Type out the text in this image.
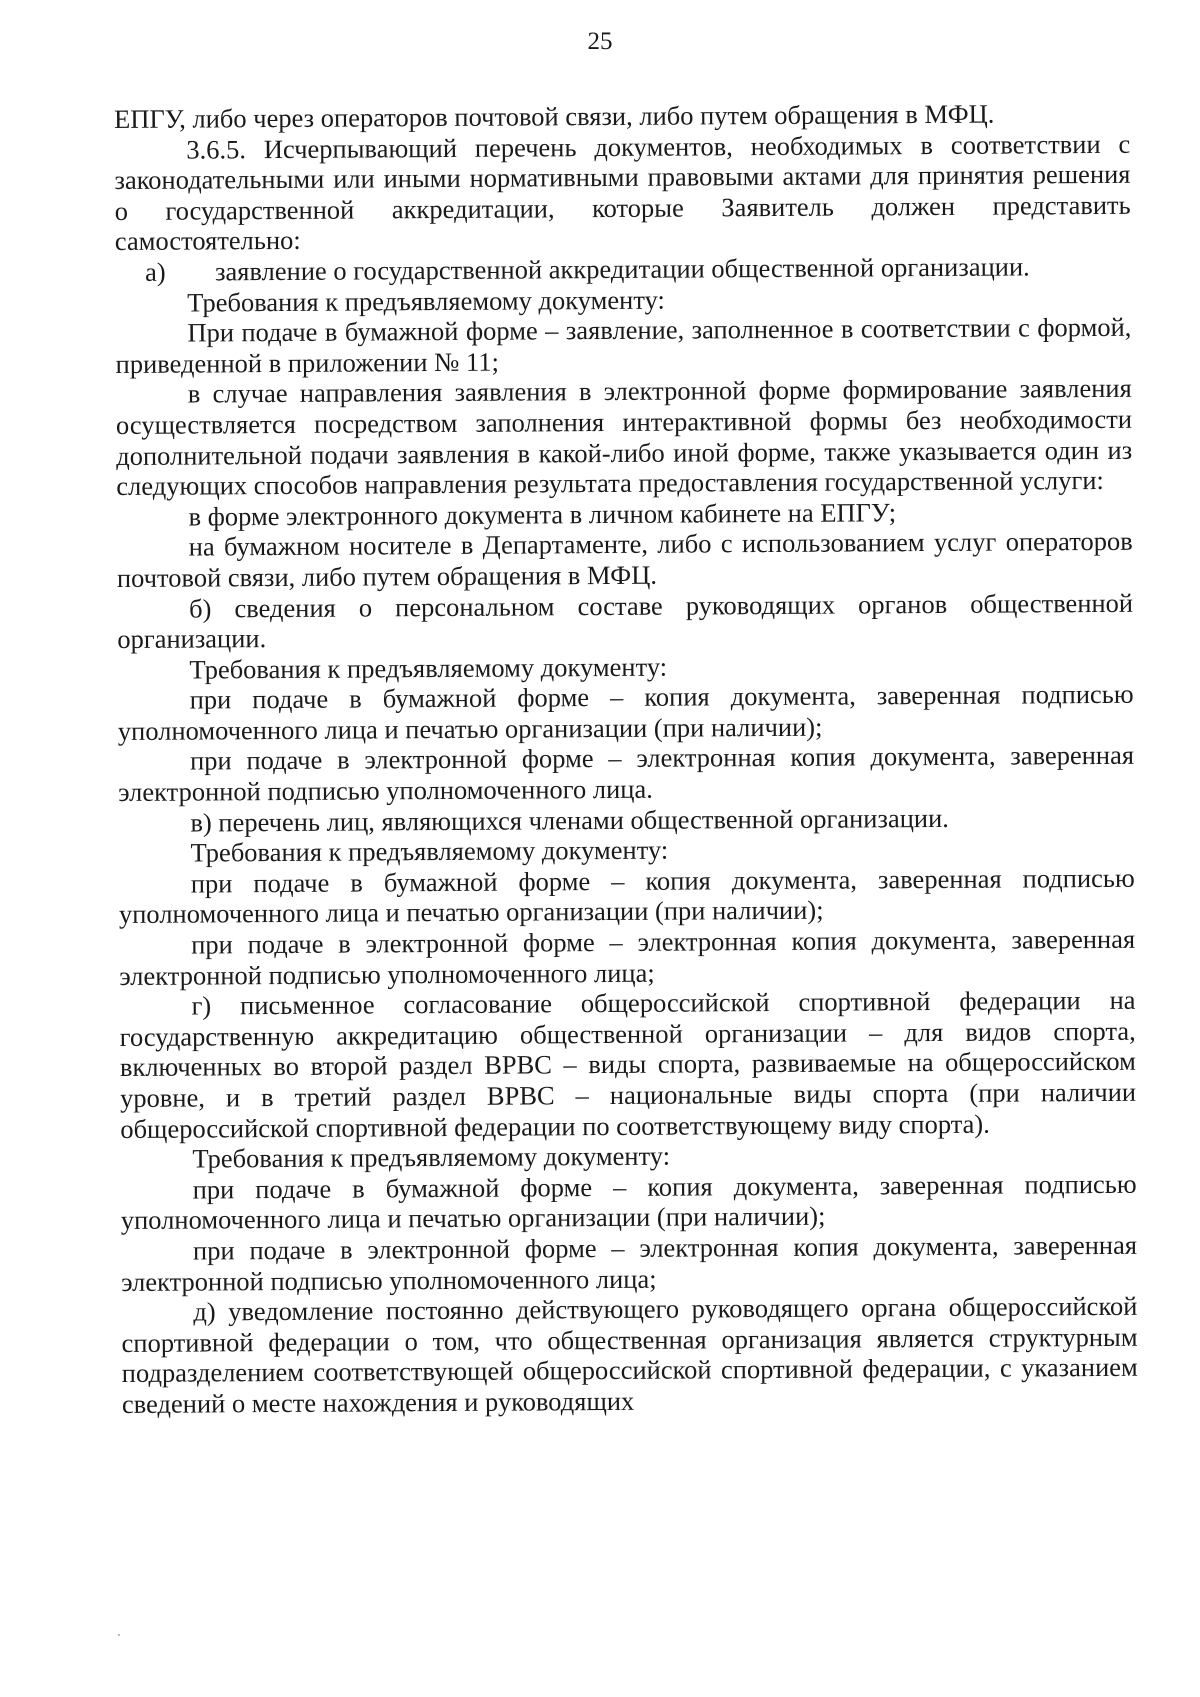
25

ЕПГУ, либо через операторов почтовой связи, либо путем обращения в МФЦ.

3.6.5. Исчерпывающий перечень документов, необходимых в соответствии с законодательными или иными нормативными правовыми актами для принятия решения о государственной аккредитации, которые Заявитель должен представить самостоятельно:

а) заявление о государственной аккредитации общественной организации.

Требования к предъявляемому документу:

При подаче в бумажной форме – заявление, заполненное в соответствии с формой, приведенной в приложении № 11;

в случае направления заявления в электронной форме формирование заявления осуществляется посредством заполнения интерактивной формы без необходимости дополнительной подачи заявления в какой-либо иной форме, также указывается один из следующих способов направления результата предоставления государственной услуги:

в форме электронного документа в личном кабинете на ЕПГУ;

на бумажном носителе в Департаменте, либо с использованием услуг операторов почтовой связи, либо путем обращения в МФЦ.

б) сведения о персональном составе руководящих органов общественной организации.

Требования к предъявляемому документу:

при подаче в бумажной форме – копия документа, заверенная подписью уполномоченного лица и печатью организации (при наличии);

при подаче в электронной форме – электронная копия документа, заверенная электронной подписью уполномоченного лица.

в) перечень лиц, являющихся членами общественной организации.

Требования к предъявляемому документу:

при подаче в бумажной форме – копия документа, заверенная подписью уполномоченного лица и печатью организации (при наличии);

при подаче в электронной форме – электронная копия документа, заверенная электронной подписью уполномоченного лица;

г) письменное согласование общероссийской спортивной федерации на государственную аккредитацию общественной организации – для видов спорта, включенных во второй раздел ВРВС – виды спорта, развиваемые на общероссийском уровне, и в третий раздел ВРВС – национальные виды спорта (при наличии общероссийской спортивной федерации по соответствующему виду спорта).

Требования к предъявляемому документу:

при подаче в бумажной форме – копия документа, заверенная подписью уполномоченного лица и печатью организации (при наличии);

при подаче в электронной форме – электронная копия документа, заверенная электронной подписью уполномоченного лица;

д) уведомление постоянно действующего руководящего органа общероссийской спортивной федерации о том, что общественная организация является структурным подразделением соответствующей общероссийской спортивной федерации, с указанием сведений о месте нахождения и руководящих
